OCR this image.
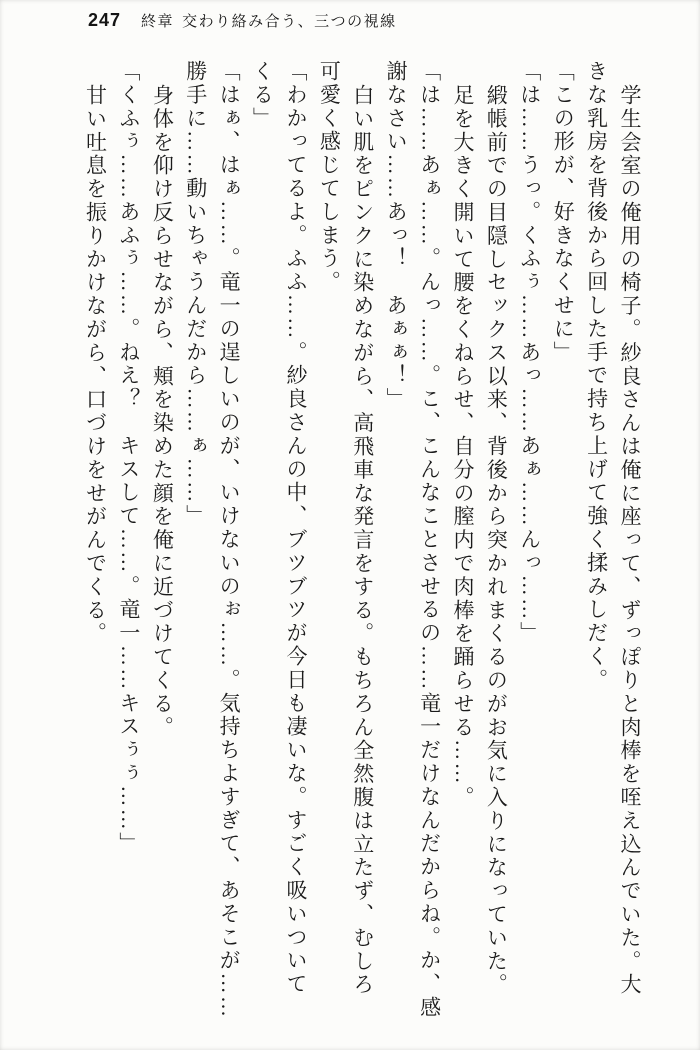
247 終章 交わり絡み合う、三つの視線
学生会室の俺用の椅子。紗良さんは俺に座って、ずっぽりと肉棒を咥え込んでいた。大
きな乳房を背後から回した手で持ち上げて強く揉みしだく。
「この形が、好きなくせに」
「は……うっ。くふぅ……あっ……あぁ……んっ……」
緞帳前での目隠しセックス以来、背後から突かれまくるのがお気に入りになっていた。
足を大きく開いて腰をくねらせ、自分の膣内で肉棒を踊らせる……。
「は……あぁ……。んっ……。こ、こんなことさせるの……竜一だけなんだからね。か、感
謝なさい……あっ！　あぁぁ！」
白い肌をピンクに染めながら、高飛車な発言をする。もちろん全然腹は立たず、むしろ
可愛く感じてしまう。
「わかってるよ。ふふ……。紗良さんの中、ブツブツが今日も凄いな。すごく吸いついて
くる」
「はぁ、はぁ……。竜一の逞しいのが、いけないのぉ……。気持ちよすぎて、あそこが……
勝手に……動いちゃうんだから……ぁ……」
身体を仰け反らせながら、頬を染めた顔を俺に近づけてくる。
「くふぅ……あふぅ……。ねえ？　キスして……。竜一……キスぅぅ……」
甘い吐息を振りかけながら、口づけをせがんでくる。
